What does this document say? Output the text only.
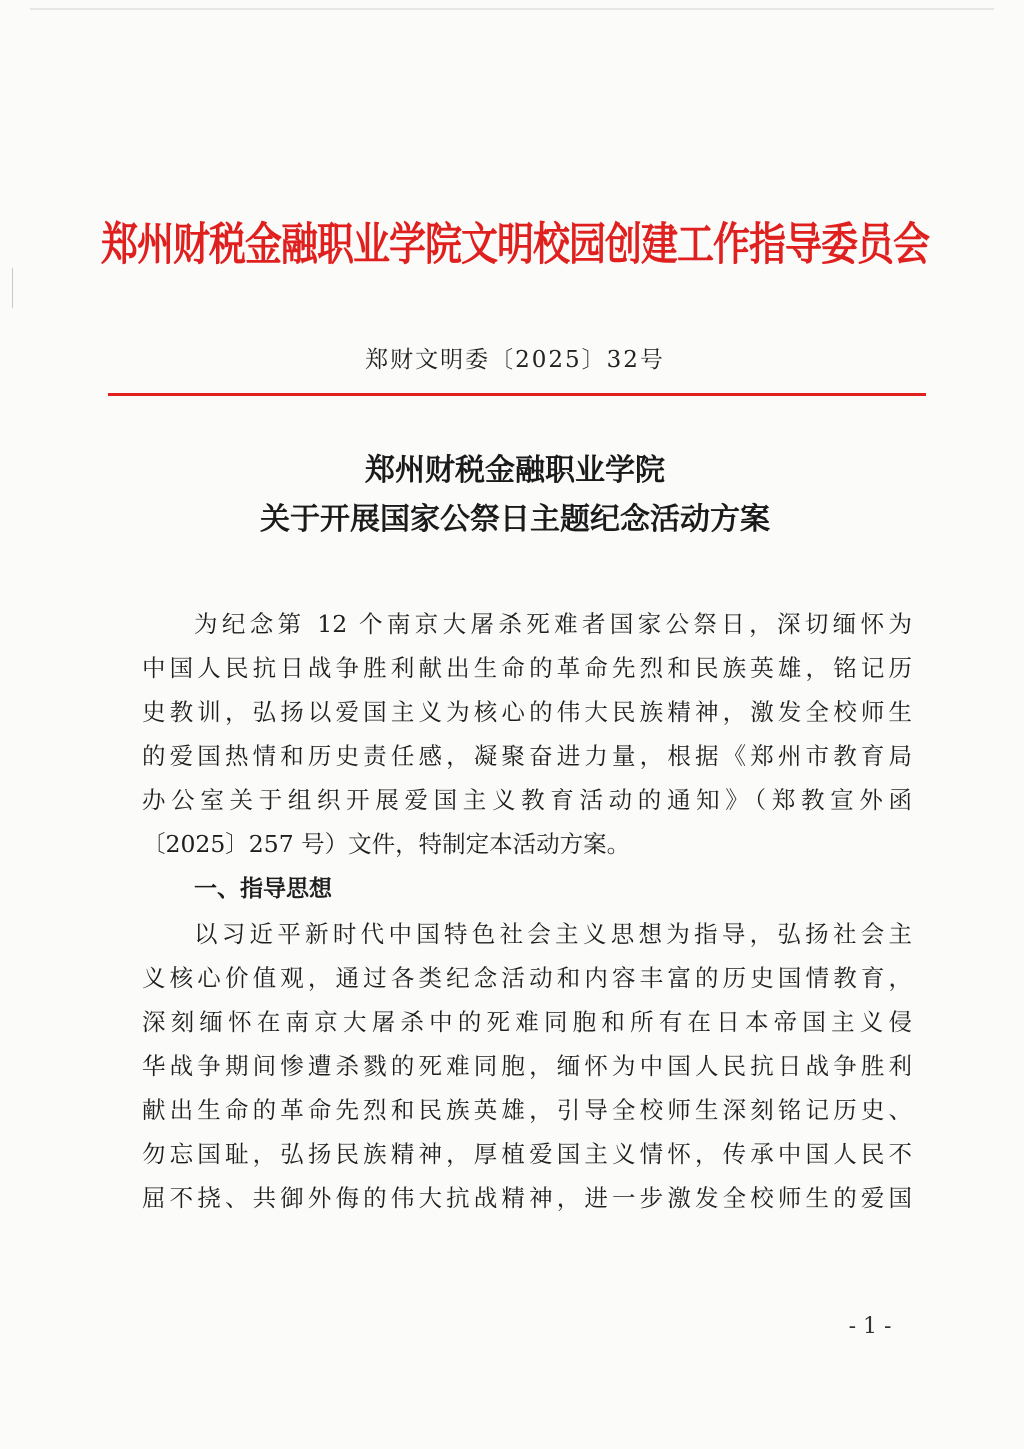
郑州财税金融职业学院文明校园创建工作指导委员会
郑财文明委〔2025〕32号
郑州财税金融职业学院
关于开展国家公祭日主题纪念活动方案
为纪念第 12 个南京大屠杀死难者国家公祭日，深切缅怀为
中国人民抗日战争胜利献出生命的革命先烈和民族英雄，铭记历
史教训，弘扬以爱国主义为核心的伟大民族精神，激发全校师生
的爱国热情和历史责任感，凝聚奋进力量，根据《郑州市教育局
办公室关于组织开展爱国主义教育活动的通知》（郑教宣外函
〔2025〕257 号）文件，特制定本活动方案。
一、指导思想
以习近平新时代中国特色社会主义思想为指导，弘扬社会主
义核心价值观，通过各类纪念活动和内容丰富的历史国情教育，
深刻缅怀在南京大屠杀中的死难同胞和所有在日本帝国主义侵
华战争期间惨遭杀戮的死难同胞，缅怀为中国人民抗日战争胜利
献出生命的革命先烈和民族英雄，引导全校师生深刻铭记历史、
勿忘国耻，弘扬民族精神，厚植爱国主义情怀，传承中国人民不
屈不挠、共御外侮的伟大抗战精神，进一步激发全校师生的爱国
- 1 -
